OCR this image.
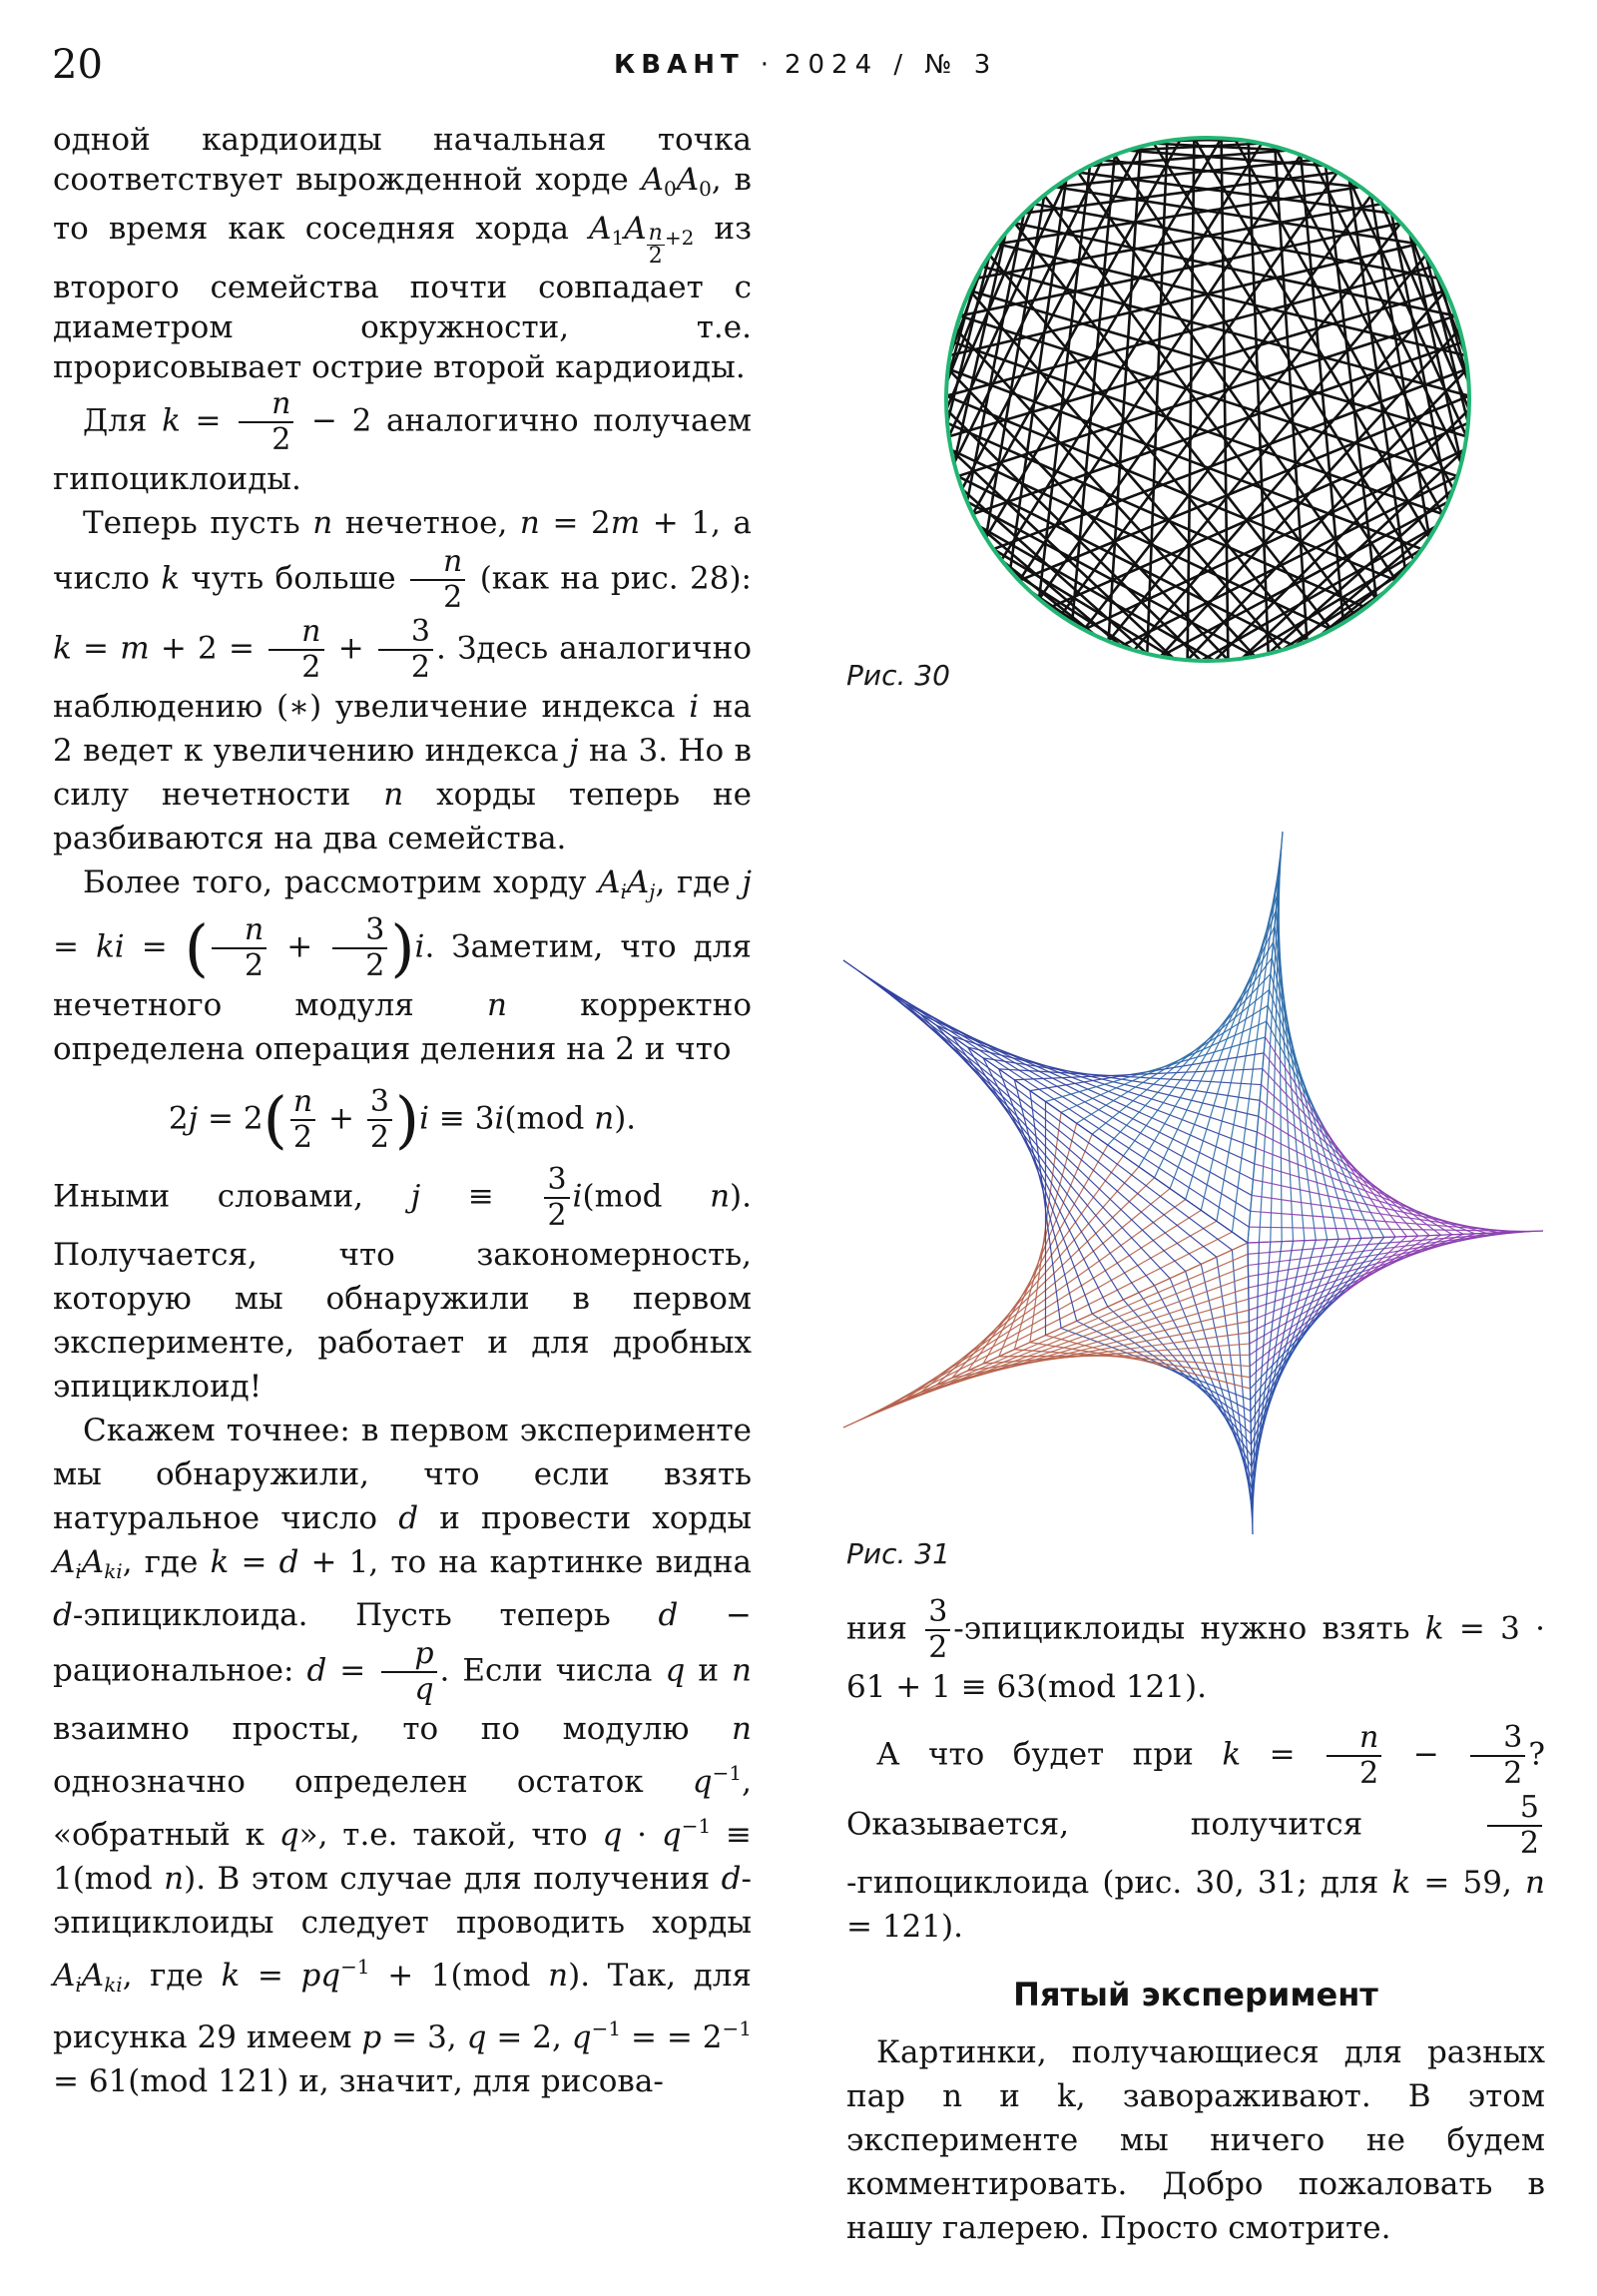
20	КВАНТ · 2024 / № 3

одной кардиоиды начальная точка соответствует вырожденной хорде $A_0A_0$, в то время как соседняя хорда $A_1A \frac{n}{2} _{+2}$ из второго семейства почти совпадает с диаметром окружности, т.е. прорисовывает острие второй кардиоиды.

Для $k = \frac{n}{2} - 2$ аналогично получаем гипоциклоиды.

Теперь пусть n нечетное, n = 2m + 1, а число k чуть больше $\frac{n}{2} (как$ на рис. 28): $k = m + 2 = \frac{n}{2} + \frac{3}{2}$ . Здесь аналогично наблюдению (∗) увеличение индекса i на 2 ведет к увеличению индекса j на 3. Но в силу нечетности n хорды теперь не разбиваются на два семейства.

Более того, рассмотрим хорду $A_iA_j$, где j = ki = ( $\frac{n}{2} + \frac{3}{2} )i$. Заметим, что для нечетного модуля n корректно определена операция деления на 2 и что

$2j = 2( \frac{n}{2} + \frac{3}{2} )i \equiv 3i(mod$ n).

Иными словами, $j \equiv \frac{3}{2} i(mod$ n). Получается, что закономерность, которую мы обнаружили в первом эксперименте, работает и для дробных эпициклоид!

Скажем точнее: в первом эксперименте мы обнаружили, что если взять натуральное число d и провести хорды $A_iA_{ki}$, где k = d + 1, то на картинке видна d-эпициклоида. Пусть теперь d − рациональное: $d = \frac{p}{q}$ . Если числа q и n взаимно просты, то по модулю n однозначно определен остаток $q^{-1}$, «обратный к q», т.е. такой, что $q \cdot q^{-1} \equiv 1(mod$ n). В этом случае для получения d-эпициклоиды следует проводить хорды $A_iA_{ki}$, где $k = pq^{-1} + 1(mod$ n). Так, для рисунка 29 имеем p = 3, q = 2, $q^{-1}$ = = $2^{-1} = 61(mod$ 121) и, значит, для рисова-

Рис. 30
Рис. 31

ния $\frac{3}{2}$ -эпициклоиды нужно взять k = 3 · 61 + 1 ≡ 63(mod 121).

А что будет при $k = \frac{n}{2} - \frac{3}{2}$ ? Оказывается, получится $\frac{5}{2}$
-гипоциклоида (рис. 30, 31; для k = 59, n = 121).

Пятый эксперимент

Картинки, получающиеся для разных пар n и k, завораживают. В этом эксперименте мы ничего не будем комментировать. Добро пожаловать в нашу галерею. Просто смотрите.
